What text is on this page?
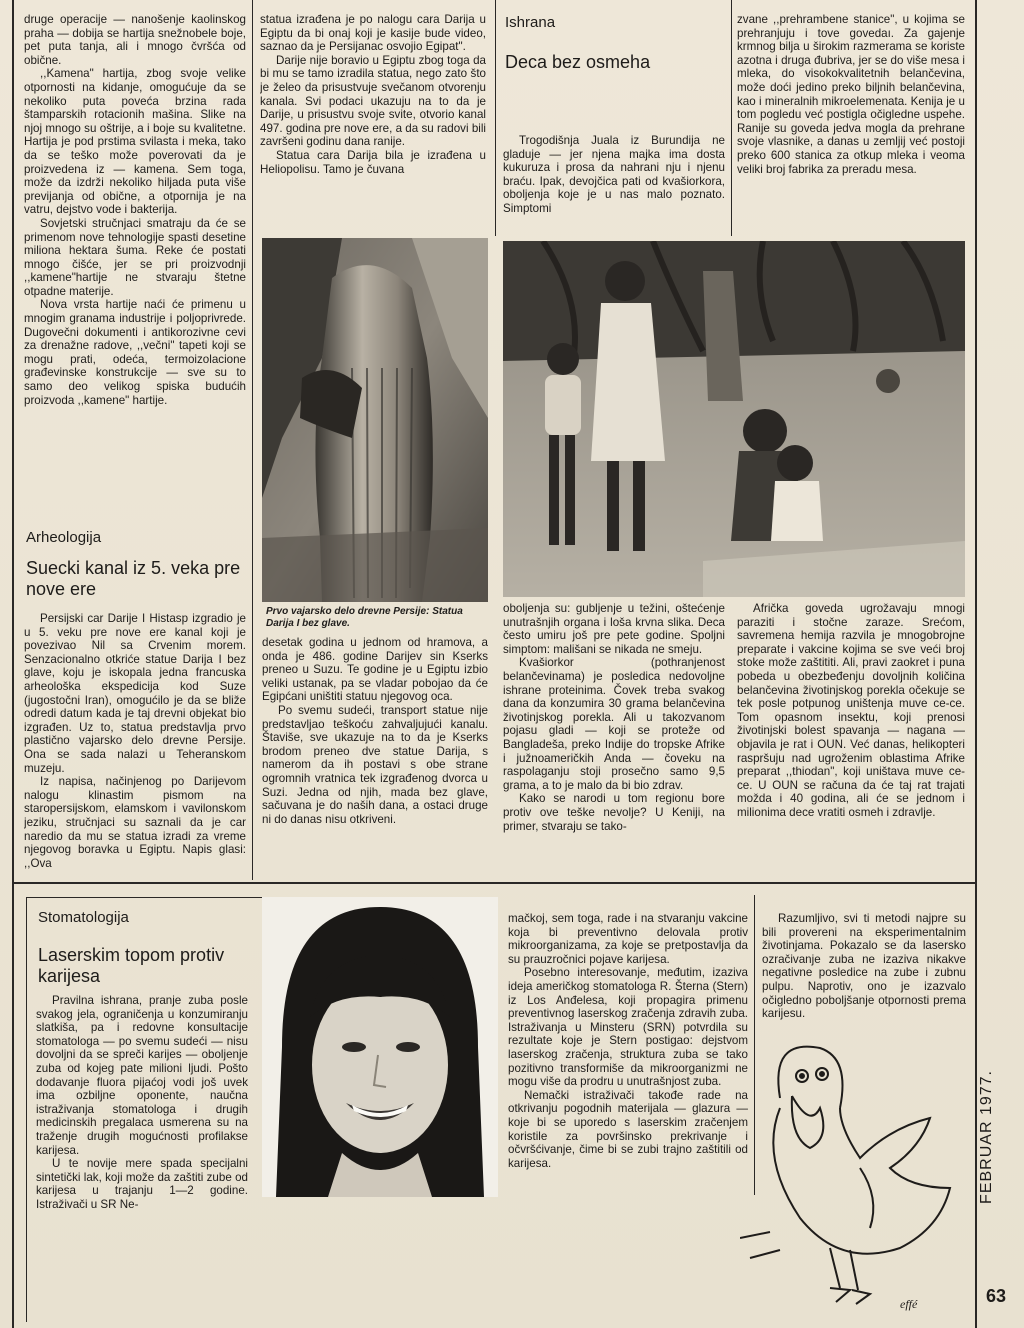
druge operacije — nanošenje kaolinskog praha — dobija se hartija snežnobele boje, pet puta tanja, ali i mnogo čvršća od obične.

,,Kamena" hartija, zbog svoje velike otpornosti na kidanje, omogućuje da se nekoliko puta poveća brzina rada štamparskih rotacionih mašina. Slike na njoj mnogo su oštrije, a i boje su kvalitetne. Hartija je pod prstima svilasta i meka, tako da se teško može poverovati da je proizvedena iz — kamena. Sem toga, može da izdrži nekoliko hiljada puta više previjanja od obične, a otpornija je na vatru, dejstvo vode i bakterija.

Sovjetski stručnjaci smatraju da će se primenom nove tehnologije spasti desetine miliona hektara šuma. Reke će postati mnogo čišće, jer se pri proizvodnji ,,kamene"hartije ne stvaraju štetne otpadne materije.

Nova vrsta hartije naći će primenu u mnogim granama industrije i poljoprivrede. Dugovečni dokumenti i antikorozivne cevi za drenažne radove, ,,večni" tapeti koji se mogu prati, odeća, termoizolacione građevinske konstrukcije — sve su to samo deo velikog spiska budućih proizvoda ,,kamene" hartije.

Arheologija
Suecki kanal iz 5. veka pre nove ere

Persijski car Darije I Histasp izgradio je u 5. veku pre nove ere kanal koji je povezivao Nil sa Crvenim morem. Senzacionalno otkriće statue Darija I bez glave, koju je iskopala jedna francuska arheološka ekspedicija kod Suze (jugostočni Iran), omogućilo je da se bliže odredi datum kada je taj drevni objekat bio izgrađen. Uz to, statua predstavlja prvo plastično vajarsko delo drevne Persije. Ona se sada nalazi u Teheranskom muzeju.

Iz napisa, načinjenog po Darijevom nalogu klinastim pismom na staropersijskom, elamskom i vavilonskom jeziku, stručnjaci su saznali da je car naredio da mu se statua izradi za vreme njegovog boravka u Egiptu. Napis glasi: ,,Ova

statua izrađena je po nalogu cara Darija u Egiptu da bi onaj koji je kasije bude video, saznao da je Persijanac osvojio Egipat".

Darije nije boravio u Egiptu zbog toga da bi mu se tamo izradila statua, nego zato što je želeo da prisustvuje svečanom otvorenju kanala. Svi podaci ukazuju na to da je Darije, u prisustvu svoje svite, otvorio kanal 497. godina pre nove ere, a da su radovi bili završeni godinu dana ranije.

Statua cara Darija bila je izrađena u Heliopolisu. Tamo je čuvana

Prvo vajarsko delo drevne Persije: Statua Darija I bez glave.

desetak godina u jednom od hramova, a onda je 486. godine Darijev sin Kserks preneo u Suzu. Te godine je u Egiptu izbio veliki ustanak, pa se vladar pobojao da će Egipćani uništiti statuu njegovog oca.

Po svemu sudeći, transport statue nije predstavljao teškoću zahvaljujući kanalu. Štaviše, sve ukazuje na to da je Kserks brodom preneo dve statue Darija, s namerom da ih postavi s obe strane ogromnih vratnica tek izgrađenog dvorca u Suzi. Jedna od njih, mada bez glave, sačuvana je do naših dana, a ostaci druge ni do danas nisu otkriveni.

Ishrana
Deca bez osmeha

Trogodišnja Juala iz Burundija ne gladuje — jer njena majka ima dosta kukuruza i prosa da nahrani nju i njenu braću. Ipak, devojčica pati od kvašiorkora, oboljenja koje je u nas malo poznato. Simptomi

zvane ,,prehrambene stanice", u kojima se prehranjuju i tove govedaı. Za gajenje krmnog bilja u širokim razmerama se koriste azotna i druga đubriva, jer se do više mesa i mleka, do visokokvalitetnih belančevina, može doći jedino preko biljnih belančevina, kao i mineralnih mikroelemenata. Kenija je u tom pogledu već postigla očigledne uspehe. Ranije su goveda jedva mogla da prehrane svoje vlasnike, a danas u zemljij već postoji preko 600 stanica za otkup mleka i veoma veliki broj fabrika za preradu mesa.

oboljenja su: gubljenje u težini, oštećenje unutrašnjih organa i loša krvna slika. Deca često umiru još pre pete godine. Spoljni simptom: mališani se nikada ne smeju.

Kvašiorkor (pothranjenost belančevinama) je posledica nedovoljne ishrane proteinima. Čovek treba svakog dana da konzumira 30 grama belančevina životinjskog porekla. Ali u takozvanom pojasu gladi — koji se proteže od Bangladeša, preko Indije do tropske Afrike i južnoameričkih Anda — čoveku na raspolaganju stoji prosečno samo 9,5 grama, a to je malo da bi bio zdrav.

Kako se narodi u tom regionu bore protiv ove teške nevolje? U Keniji, na primer, stvaraju se tako-

Afrička goveda ugrožavaju mnogi paraziti i stočne zaraze. Srećom, savremena hemija razvila je mnogobrojne preparate i vakcine kojima se sve veći broj stoke može zaštititi. Ali, pravi zaokret i puna pobeda u obezbeđenju dovoljnih količina belančevina životinjskog porekla očekuje se tek posle potpunog uništenja muve ce-ce. Tom opasnom insektu, koji prenosi životinjski bolest spavanja — nagana — objavila je rat i OUN. Već danas, helikopteri raspršuju nad ugroženim oblastima Afrike preparat ,,thiodan", koji uništava muve ce-ce. U OUN se računa da će taj rat trajati možda i 40 godina, ali će se jednom i milionima dece vratiti osmeh i zdravlje.

Stomatologija
Laserskim topom protiv karijesa

Pravilna ishrana, pranje zuba posle svakog jela, ograničenja u konzumiranju slatkiša, pa i redovne konsultacije stomatologa — po svemu sudeći — nisu dovoljni da se spreči karijes — oboljenje zuba od kojeg pate milioni ljudi. Pošto dodavanje fluora pijaćoj vodi još uvek ima ozbiljne oponente, naučna istraživanja stomatologa i drugih medicinskih pregalaca usmerena su na traženje drugih mogućnosti profilakse karijesa.

U te novije mere spada specijalni sintetički lak, koji može da zaštiti zube od karijesa u trajanju 1—2 godine. Istraživači u SR Ne-

mačkoj, sem toga, rade i na stvaranju vakcine koja bi preventivno delovala protiv mikroorganizama, za koje se pretpostavlja da su prauzročnici pojave karijesa.

Posebno interesovanje, međutim, izaziva ideja američkog stomatologa R. Šterna (Stern) iz Los Anđelesa, koji propagira primenu preventivnog laserskog zračenja zdravih zuba. Istraživanja u Minsteru (SRN) potvrdila su rezultate koje je Stern postigao: dejstvom laserskog zračenja, struktura zuba se tako pozitivno transformiše da mikroorganizmi ne mogu više da prodru u unutrašnjost zuba.

Nemački istraživači takođe rade na otkrivanju pogodnih materijala — glazura — koje bi se uporedo s laserskim zračenjem koristile za površinsko prekrivanje i očvršćivanje, čime bi se zubi trajno zaštitili od karijesa.

Razumljivo, svi ti metodi najpre su bili provereni na eksperimentalnim životinjama. Pokazalo se da lasersko ozračivanje zuba ne izaziva nikakve negativne posledice na zube i zubnu pulpu. Naprotiv, ono je izazvalo očigledno poboljšanje otpornosti prema karijesu.

effé
FEBRUAR 1977.
63
